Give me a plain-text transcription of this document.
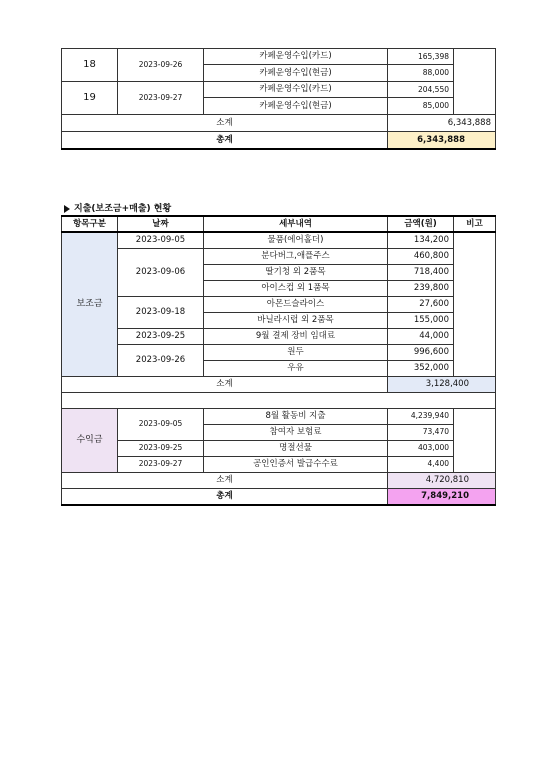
18	2023-09-26	카페운영수입(카드)	165,398	
		카페운영수입(현금)	88,000	
19	2023-09-27	카페운영수입(카드)	204,550	
		카페운영수입(현금)	85,000	
소계			6,343,888	
총계			6,343,888	
지출(보조금+매출) 현황
항목구분	날짜	세부내역	금액(원)	비고
보조금	2023-09-05	물품(에어홀더)	134,200	
	2023-09-06	분다버그,애플주스	460,800	
		딸기청 외 2품목	718,400	
		아이스컵 외 1품목	239,800	
	2023-09-18	아몬드슬라이스	27,600	
		바닐라시럽 외 2품목	155,000	
	2023-09-25	9월 결제 장비 임대료	44,000	
	2023-09-26	원두	996,600	
		우유	352,000	
소계			3,128,400	

수익금	2023-09-05	8월 활동비 지출	4,239,940	
		참여자 보험료	73,470	
	2023-09-25	명절선물	403,000	
	2023-09-27	공인인증서 발급수수료	4,400	
소계			4,720,810	
총계			7,849,210	
